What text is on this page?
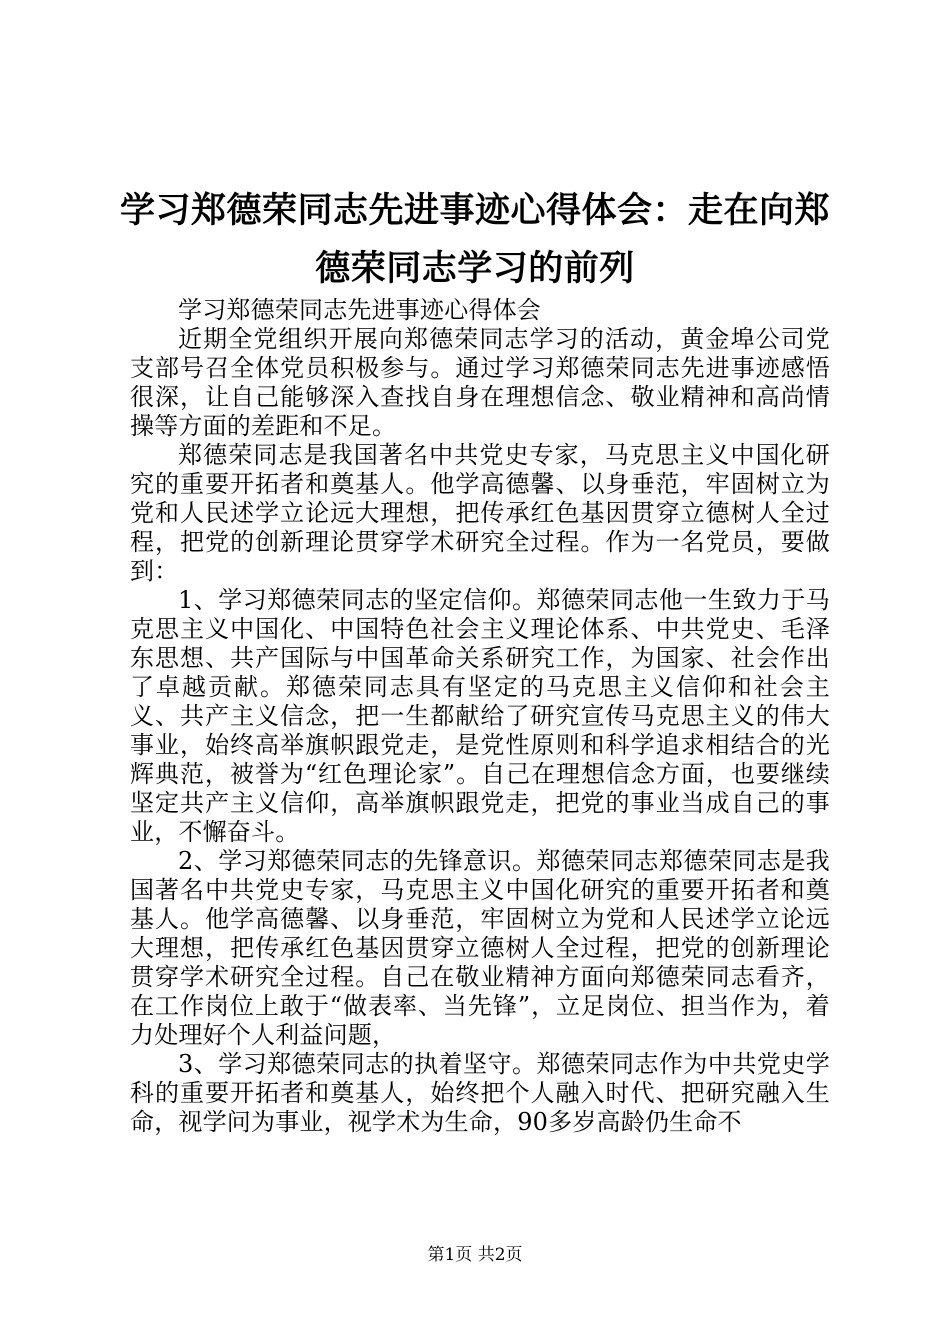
学习郑德荣同志先进事迹心得体会：走在向郑德荣同志学习的前列

学习郑德荣同志先进事迹心得体会

近期全党组织开展向郑德荣同志学习的活动，黄金埠公司党支部号召全体党员积极参与。通过学习郑德荣同志先进事迹感悟很深，让自己能够深入查找自身在理想信念、敬业精神和高尚情操等方面的差距和不足。

郑德荣同志是我国著名中共党史专家，马克思主义中国化研究的重要开拓者和奠基人。他学高德馨、以身垂范，牢固树立为党和人民述学立论远大理想，把传承红色基因贯穿立德树人全过程，把党的创新理论贯穿学术研究全过程。作为一名党员，要做到：

1、学习郑德荣同志的坚定信仰。郑德荣同志他一生致力于马克思主义中国化、中国特色社会主义理论体系、中共党史、毛泽东思想、共产国际与中国革命关系研究工作，为国家、社会作出了卓越贡献。郑德荣同志具有坚定的马克思主义信仰和社会主义、共产主义信念，把一生都献给了研究宣传马克思主义的伟大事业，始终高举旗帜跟党走，是党性原则和科学追求相结合的光辉典范，被誉为“红色理论家”。自己在理想信念方面，也要继续坚定共产主义信仰，高举旗帜跟党走，把党的事业当成自己的事业，不懈奋斗。

2、学习郑德荣同志的先锋意识。郑德荣同志郑德荣同志是我国著名中共党史专家，马克思主义中国化研究的重要开拓者和奠基人。他学高德馨、以身垂范，牢固树立为党和人民述学立论远大理想，把传承红色基因贯穿立德树人全过程，把党的创新理论贯穿学术研究全过程。自己在敬业精神方面向郑德荣同志看齐，在工作岗位上敢于“做表率、当先锋”，立足岗位、担当作为，着力处理好个人利益问题，

3、学习郑德荣同志的执着坚守。郑德荣同志作为中共党史学科的重要开拓者和奠基人，始终把个人融入时代、把研究融入生命，视学问为事业，视学术为生命，90多岁高龄仍生命不

第1页 共2页
